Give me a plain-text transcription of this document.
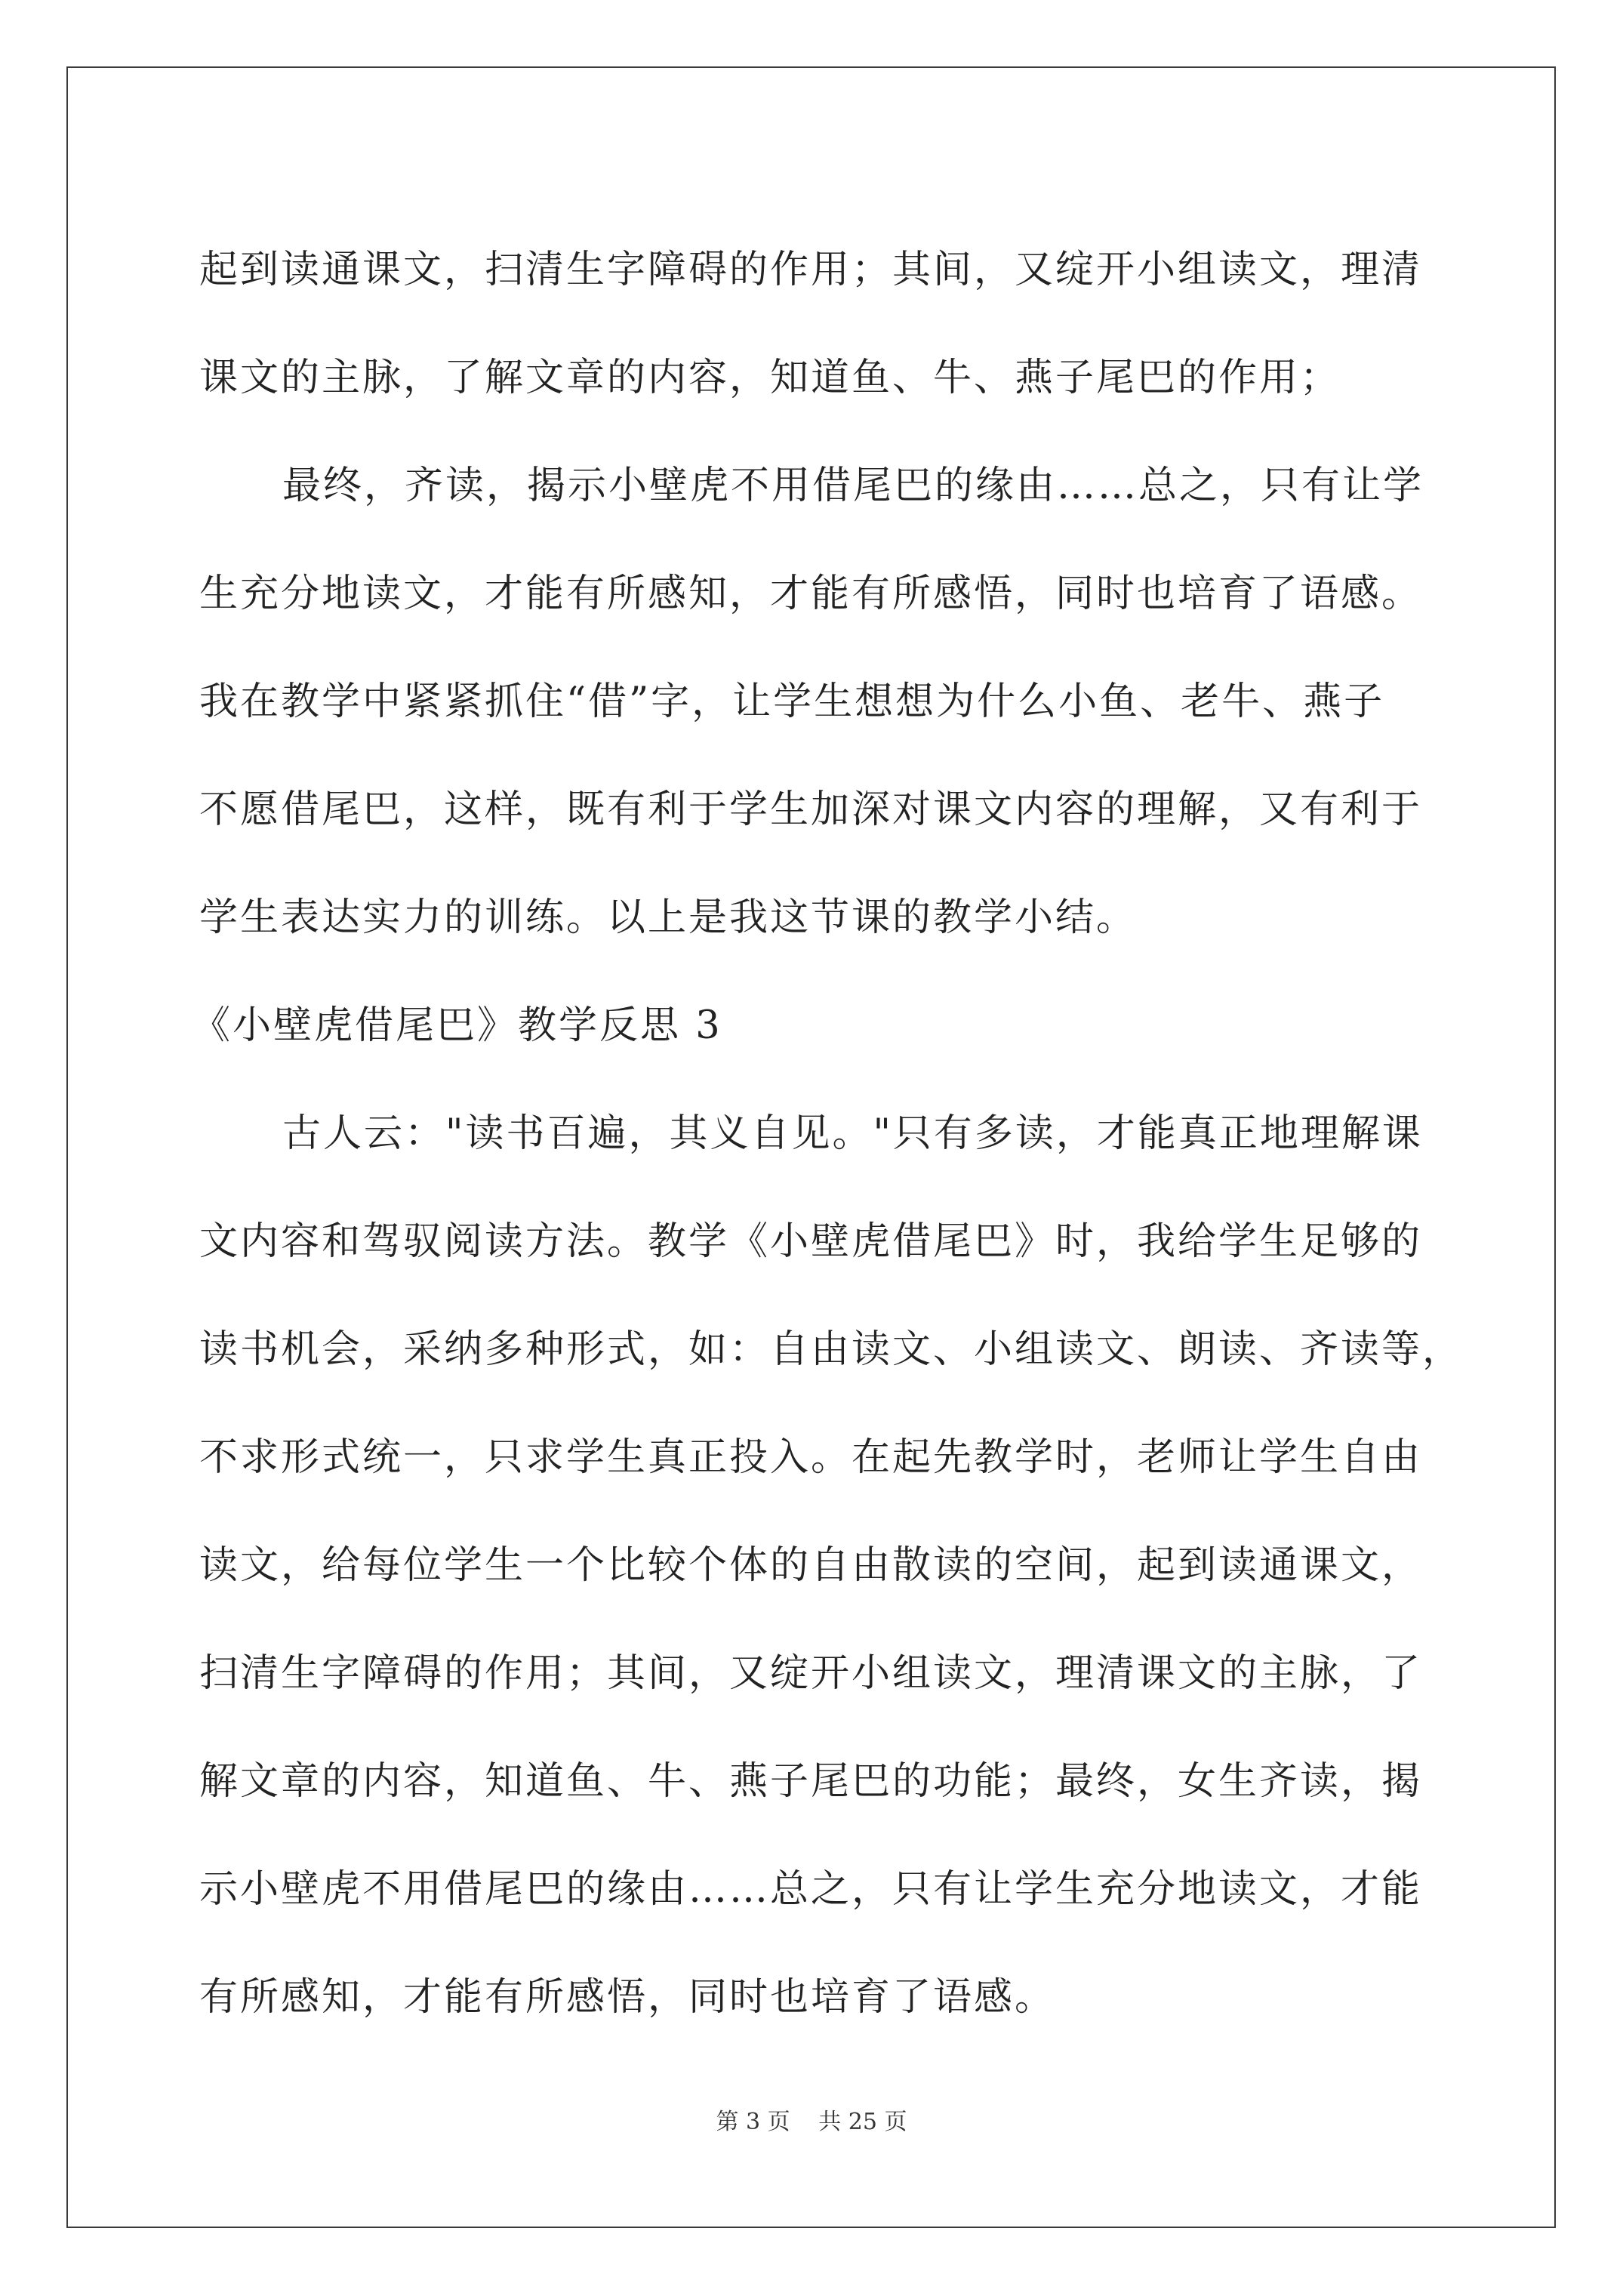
起到读通课文，扫清生字障碍的作用；其间，又绽开小组读文，理清
课文的主脉，了解文章的内容，知道鱼、牛、燕子尾巴的作用；
最终，齐读，揭示小壁虎不用借尾巴的缘由……总之，只有让学
生充分地读文，才能有所感知，才能有所感悟，同时也培育了语感。
我在教学中紧紧抓住“借”字，让学生想想为什么小鱼、老牛、燕子
不愿借尾巴，这样，既有利于学生加深对课文内容的理解，又有利于
学生表达实力的训练。以上是我这节课的教学小结。
《小壁虎借尾巴》教学反思 3
古人云："读书百遍，其义自见。"只有多读，才能真正地理解课
文内容和驾驭阅读方法。教学《小壁虎借尾巴》时，我给学生足够的
读书机会，采纳多种形式，如：自由读文、小组读文、朗读、齐读等，
不求形式统一，只求学生真正投入。在起先教学时，老师让学生自由
读文，给每位学生一个比较个体的自由散读的空间，起到读通课文，
扫清生字障碍的作用；其间，又绽开小组读文，理清课文的主脉，了
解文章的内容，知道鱼、牛、燕子尾巴的功能；最终，女生齐读，揭
示小壁虎不用借尾巴的缘由……总之，只有让学生充分地读文，才能
有所感知，才能有所感悟，同时也培育了语感。
第 3 页 共 25 页
